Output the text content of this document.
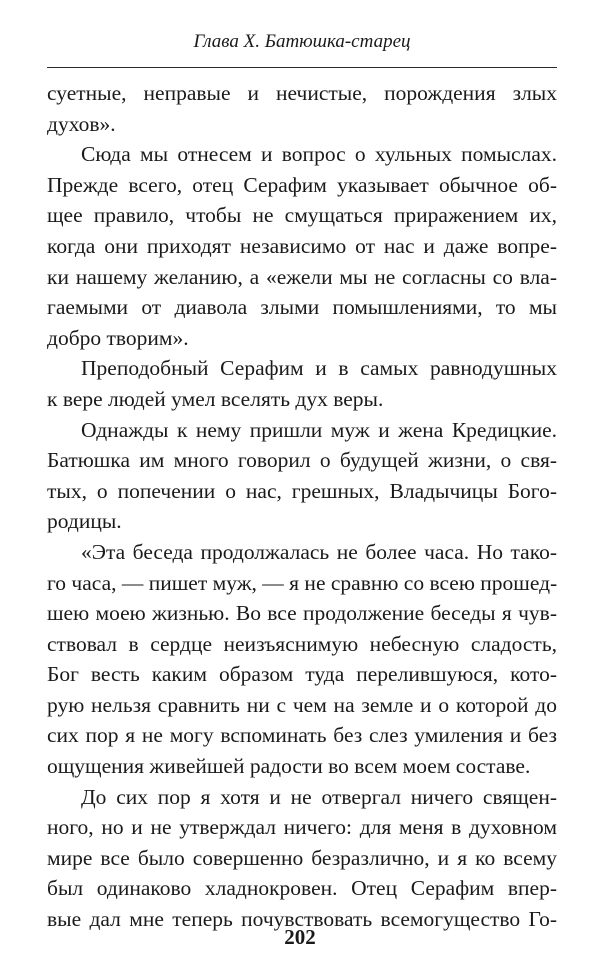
Глава X. Батюшка-старец
суетные, неправые и нечистые, порождения злых
духов».
Сюда мы отнесем и вопрос о хульных помыслах.
Прежде всего, отец Серафим указывает обычное об-
щее правило, чтобы не смущаться приражением их,
когда они приходят независимо от нас и даже вопре-
ки нашему желанию, а «ежели мы не согласны со вла-
гаемыми от диавола злыми помышлениями, то мы
добро творим».
Преподобный Серафим и в самых равнодушных
к вере людей умел вселять дух веры.
Однажды к нему пришли муж и жена Кредицкие.
Батюшка им много говорил о будущей жизни, о свя-
тых, о попечении о нас, грешных, Владычицы Бого-
родицы.
«Эта беседа продолжалась не более часа. Но тако-
го часа, — пишет муж, — я не сравню со всею прошед-
шею моею жизнью. Во все продолжение беседы я чув-
ствовал в сердце неизъяснимую небесную сладость,
Бог весть каким образом туда перелившуюся, кото-
рую нельзя сравнить ни с чем на земле и о которой до
сих пор я не могу вспоминать без слез умиления и без
ощущения живейшей радости во всем моем составе.
До сих пор я хотя и не отвергал ничего священ-
ного, но и не утверждал ничего: для меня в духовном
мире все было совершенно безразлично, и я ко всему
был одинаково хладнокровен. Отец Серафим впер-
вые дал мне теперь почувствовать всемогущество Го-
202
